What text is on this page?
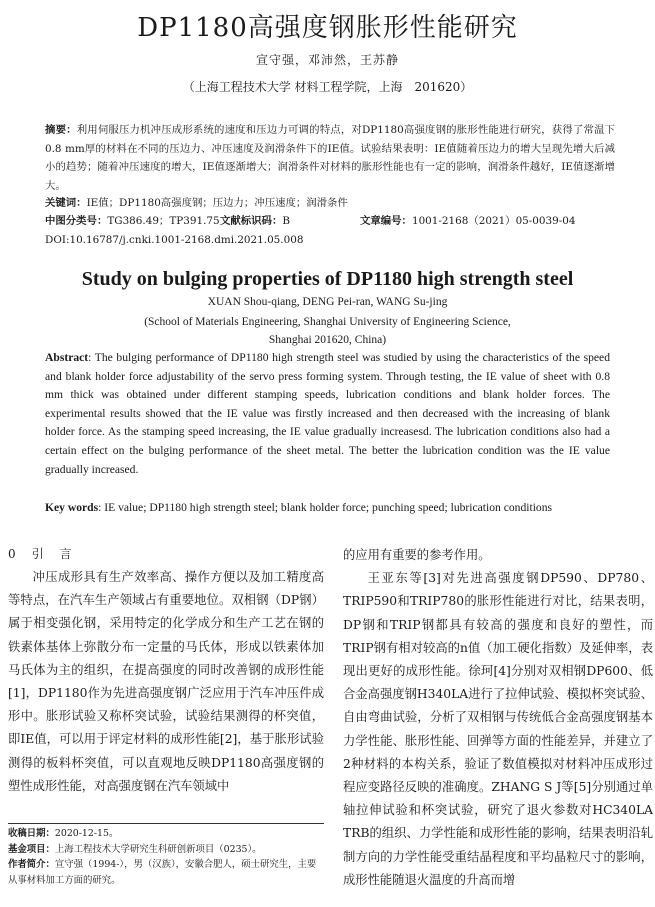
DP1180高强度钢胀形性能研究
宣守强，邓沛然，王苏静
（上海工程技术大学 材料工程学院，上海　201620）
摘要：利用伺服压力机冲压成形系统的速度和压边力可调的特点，对DP1180高强度钢的胀形性能进行研究，获得了常温下0.8 mm厚的材料在不同的压边力、冲压速度及润滑条件下的IE值。试验结果表明：IE值随着压边力的增大呈现先增大后减小的趋势；随着冲压速度的增大，IE值逐渐增大；润滑条件对材料的胀形性能也有一定的影响，润滑条件越好，IE值逐渐增大。
关键词：IE值；DP1180高强度钢；压边力；冲压速度；润滑条件
中图分类号：TG386.49；TP391.75文献标识码：B	文章编号：1001-2168（2021）05-0039-04
DOI:10.16787/j.cnki.1001-2168.dmi.2021.05.008
Study on bulging properties of DP1180 high strength steel
XUAN Shou-qiang, DENG Pei-ran, WANG Su-jing
(School of Materials Engineering, Shanghai University of Engineering Science,
Shanghai 201620, China)
Abstract: The bulging performance of DP1180 high strength steel was studied by using the characteristics of the speed and blank holder force adjustability of the servo press forming system. Through testing, the IE value of sheet with 0.8 mm thick was obtained under different stamping speeds, lubrication conditions and blank holder forces. The experimental results showed that the IE value was firstly increased and then decreased with the increasing of blank holder force. As the stamping speed increasing, the IE value gradually increasesd. The lubrication conditions also had a certain effect on the bulging performance of the sheet metal. The better the lubrication condition was the IE value gradually increased.
Key words: IE value; DP1180 high strength steel; blank holder force; punching speed; lubrication conditions
0　引　言
冲压成形具有生产效率高、操作方便以及加工精度高等特点，在汽车生产领域占有重要地位。双相钢（DP钢）属于相变强化钢，采用特定的化学成分和生产工艺在钢的铁素体基体上弥散分布一定量的马氏体，形成以铁素体加马氏体为主的组织，在提高强度的同时改善钢的成形性能[1]，DP1180作为先进高强度钢广泛应用于汽车冲压件成形中。胀形试验又称杯突试验，试验结果测得的杯突值，即IE值，可以用于评定材料的成形性能[2]，基于胀形试验测得的板料杯突值，可以直观地反映DP1180高强度钢的塑性成形性能，对高强度钢在汽车领域中
的应用有重要的参考作用。
王亚东等[3]对先进高强度钢DP590、DP780、TRIP590和TRIP780的胀形性能进行对比，结果表明，DP钢和TRIP钢都具有较高的强度和良好的塑性，而TRIP钢有相对较高的n值（加工硬化指数）及延伸率，表现出更好的成形性能。徐珂[4]分别对双相钢DP600、低合金高强度钢H340LA进行了拉伸试验、模拟杯突试验、自由弯曲试验，分析了双相钢与传统低合金高强度钢基本力学性能、胀形性能、回弹等方面的性能差异，并建立了2种材料的本构关系，验证了数值模拟对材料冲压成形过程应变路径反映的准确度。ZHANG S J等[5]分别通过单轴拉伸试验和杯突试验，研究了退火参数对HC340LA TRB的组织、力学性能和成形性能的影响，结果表明沿轧制方向的力学性能受重结晶程度和平均晶粒尺寸的影响，成形性能随退火温度的升高而增
收稿日期：2020-12-15。
基金项目：上海工程技术大学研究生科研创新项目（0235）。
作者简介：宣守强（1994-），男（汉族），安徽合肥人，硕士研究生，主要从事材料加工方面的研究。
